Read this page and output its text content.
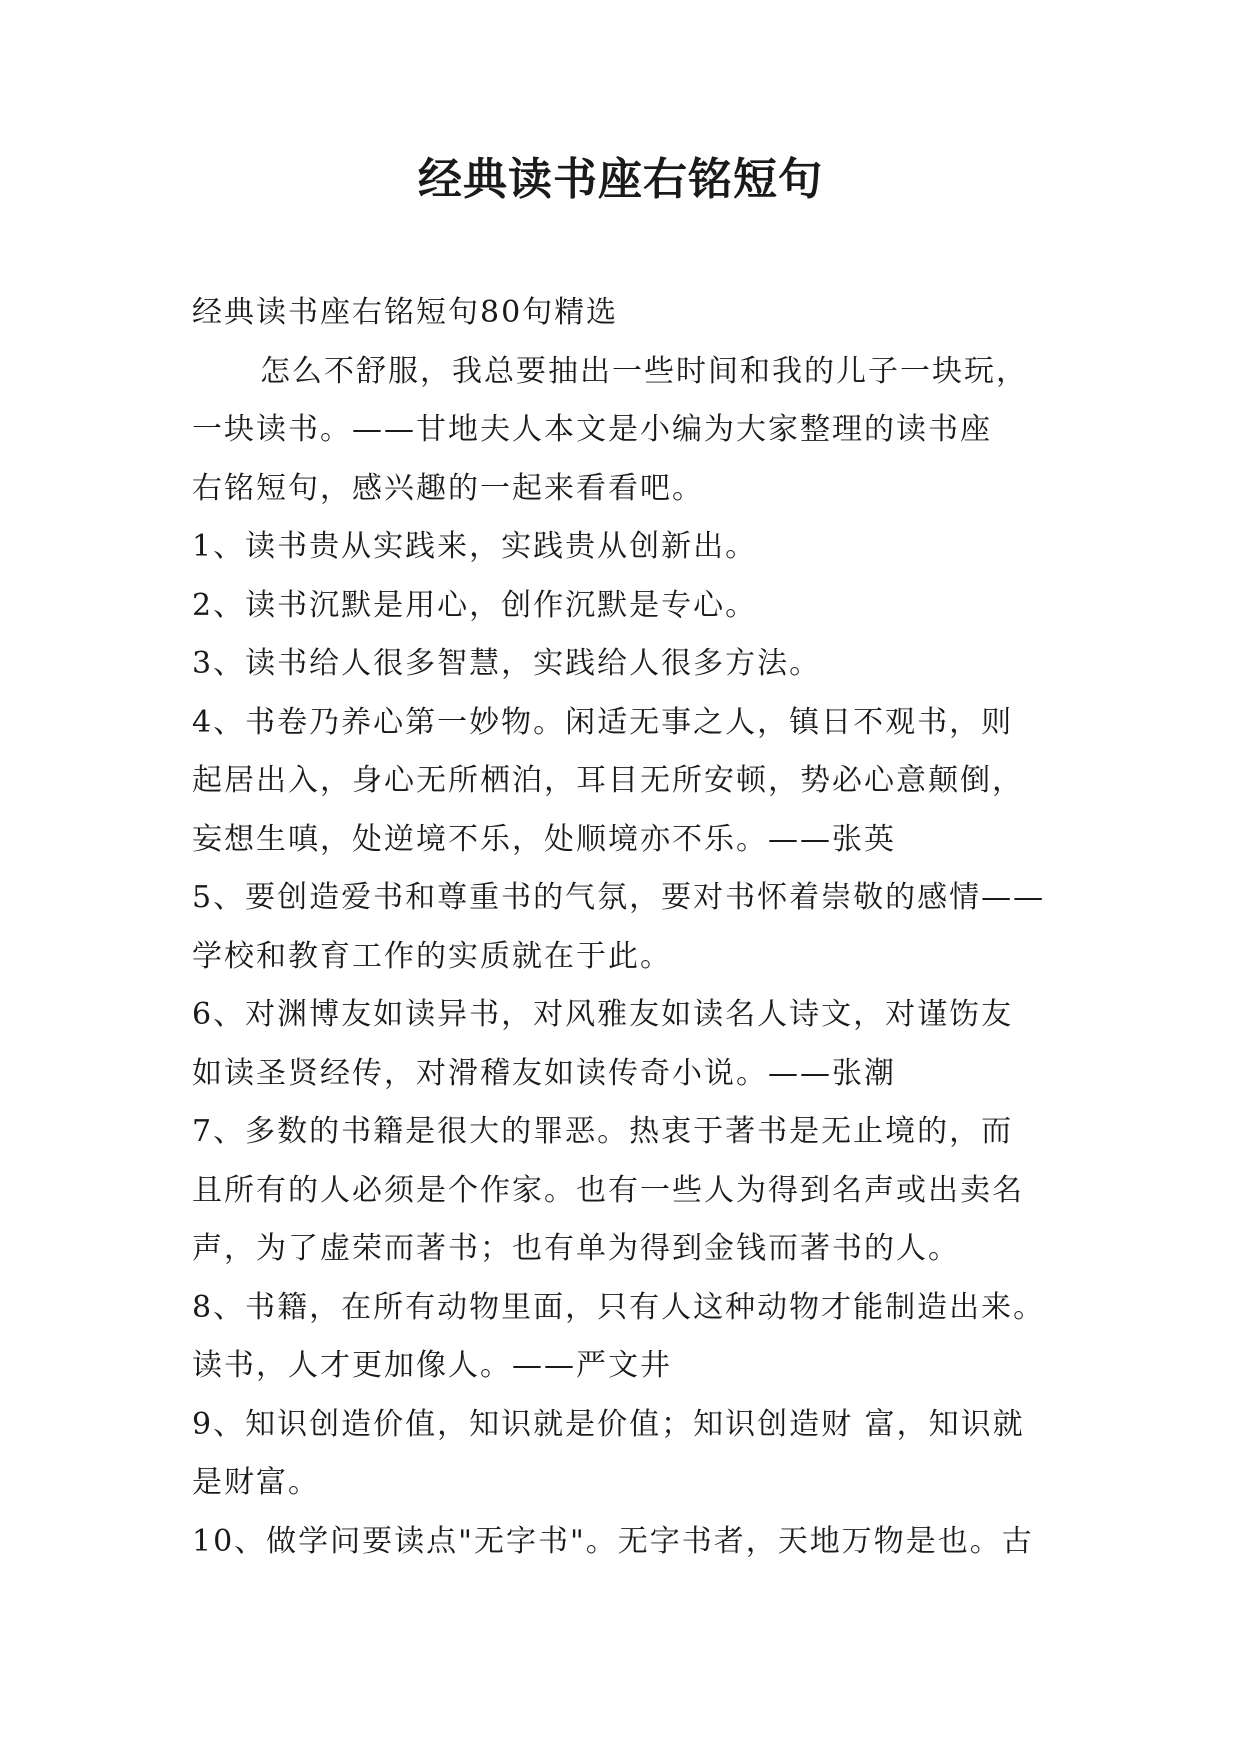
经典读书座右铭短句
经典读书座右铭短句80句精选
怎么不舒服，我总要抽出一些时间和我的儿子一块玩，
一块读书。——甘地夫人本文是小编为大家整理的读书座
右铭短句，感兴趣的一起来看看吧。
1、读书贵从实践来，实践贵从创新出。
2、读书沉默是用心，创作沉默是专心。
3、读书给人很多智慧，实践给人很多方法。
4、书卷乃养心第一妙物。闲适无事之人，镇日不观书，则
起居出入，身心无所栖泊，耳目无所安顿，势必心意颠倒，
妄想生嗔，处逆境不乐，处顺境亦不乐。——张英
5、要创造爱书和尊重书的气氛，要对书怀着崇敬的感情——
学校和教育工作的实质就在于此。
6、对渊博友如读异书，对风雅友如读名人诗文，对谨饬友
如读圣贤经传，对滑稽友如读传奇小说。——张潮
7、多数的书籍是很大的罪恶。热衷于著书是无止境的，而
且所有的人必须是个作家。也有一些人为得到名声或出卖名
声，为了虚荣而著书；也有单为得到金钱而著书的人。
8、书籍，在所有动物里面，只有人这种动物才能制造出来。
读书，人才更加像人。——严文井
9、知识创造价值，知识就是价值；知识创造财 富，知识就
是财富。
10、做学问要读点"无字书"。无字书者，天地万物是也。古
